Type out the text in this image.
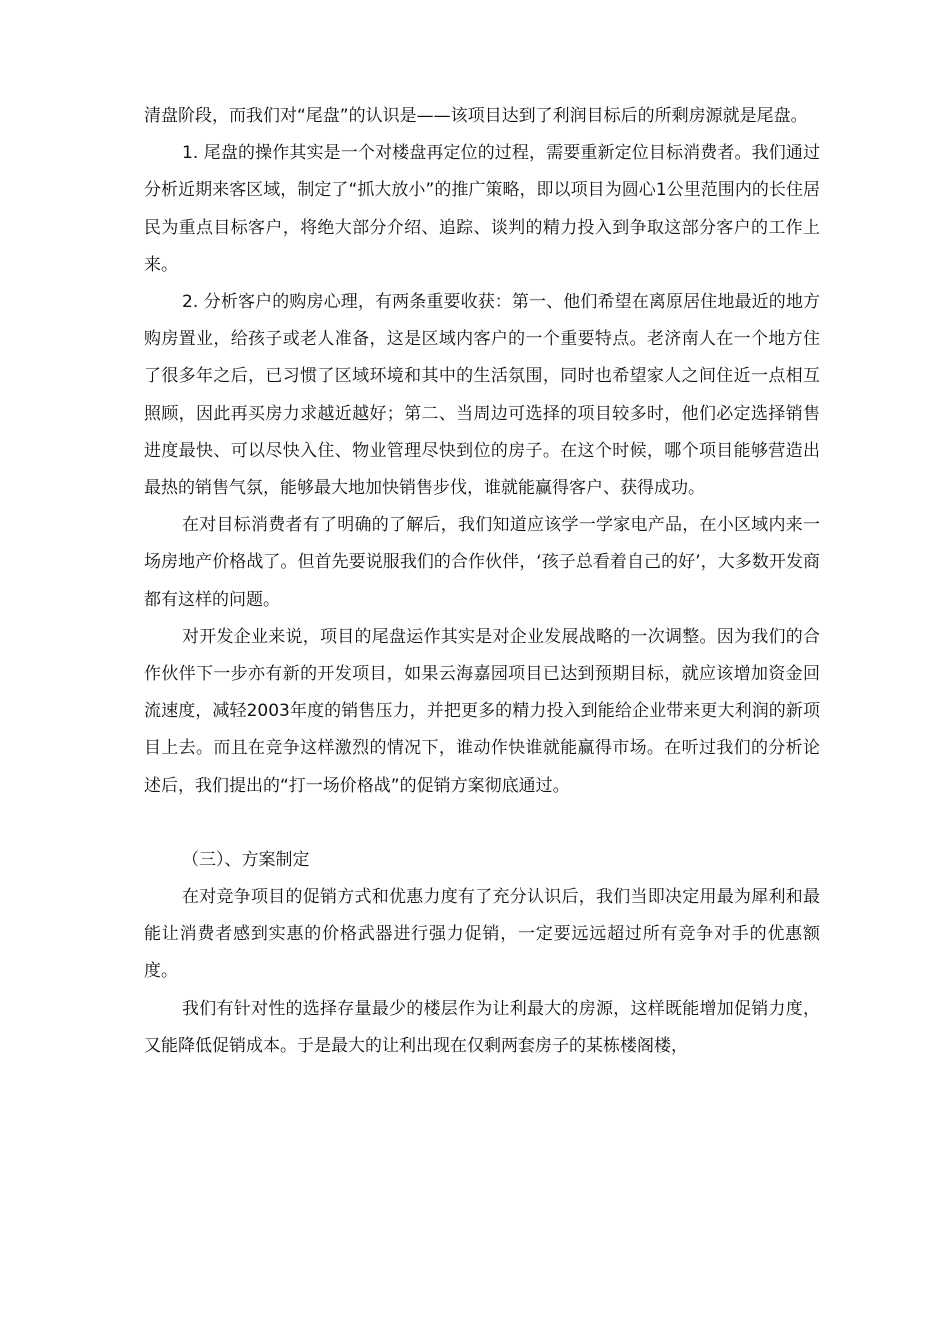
清盘阶段，而我们对“尾盘”的认识是——该项目达到了利润目标后的所剩房源就是尾盘。

1. 尾盘的操作其实是一个对楼盘再定位的过程，需要重新定位目标消费者。我们通过分析近期来客区域，制定了“抓大放小”的推广策略，即以项目为圆心1公里范围内的长住居民为重点目标客户，将绝大部分介绍、追踪、谈判的精力投入到争取这部分客户的工作上来。

2. 分析客户的购房心理，有两条重要收获：第一、他们希望在离原居住地最近的地方购房置业，给孩子或老人准备，这是区域内客户的一个重要特点。老济南人在一个地方住了很多年之后，已习惯了区域环境和其中的生活氛围，同时也希望家人之间住近一点相互照顾，因此再买房力求越近越好；第二、当周边可选择的项目较多时，他们必定选择销售进度最快、可以尽快入住、物业管理尽快到位的房子。在这个时候，哪个项目能够营造出最热的销售气氛，能够最大地加快销售步伐，谁就能赢得客户、获得成功。

在对目标消费者有了明确的了解后，我们知道应该学一学家电产品，在小区域内来一场房地产价格战了。但首先要说服我们的合作伙伴，‘孩子总看着自己的好’，大多数开发商都有这样的问题。

对开发企业来说，项目的尾盘运作其实是对企业发展战略的一次调整。因为我们的合作伙伴下一步亦有新的开发项目，如果云海嘉园项目已达到预期目标，就应该增加资金回流速度，减轻2003年度的销售压力，并把更多的精力投入到能给企业带来更大利润的新项目上去。而且在竞争这样激烈的情况下，谁动作快谁就能赢得市场。在听过我们的分析论述后，我们提出的“打一场价格战”的促销方案彻底通过。

（三）、方案制定

在对竞争项目的促销方式和优惠力度有了充分认识后，我们当即决定用最为犀利和最能让消费者感到实惠的价格武器进行强力促销，一定要远远超过所有竞争对手的优惠额度。

我们有针对性的选择存量最少的楼层作为让利最大的房源，这样既能增加促销力度，又能降低促销成本。于是最大的让利出现在仅剩两套房子的某栋楼阁楼，
